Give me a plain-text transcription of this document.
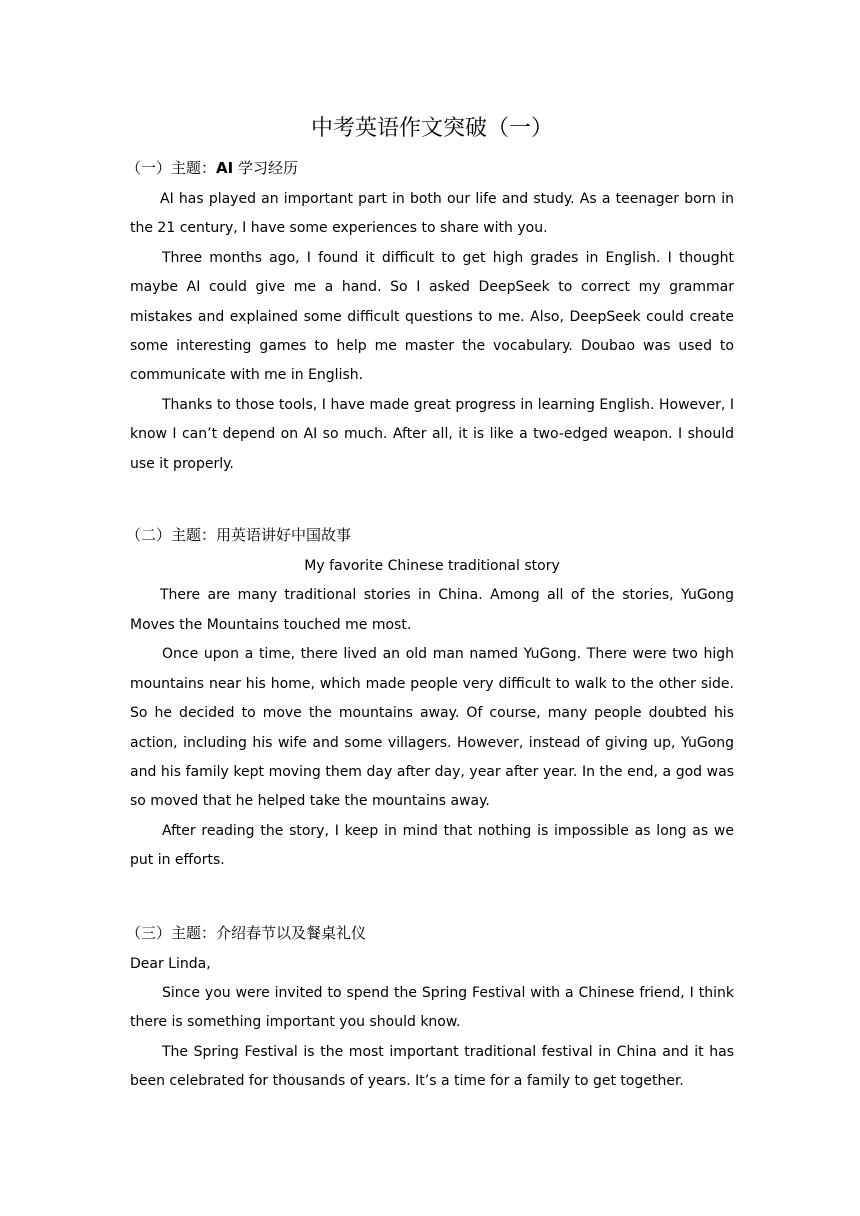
中考英语作文突破（一）
（一）主题：AI 学习经历

AI has played an important part in both our life and study. As a teenager born in the 21 century, I have some experiences to share with you.

Three months ago, I found it difficult to get high grades in English. I thought maybe AI could give me a hand. So I asked DeepSeek to correct my grammar mistakes and explained some difficult questions to me. Also, DeepSeek could create some interesting games to help me master the vocabulary. Doubao was used to communicate with me in English.

Thanks to those tools, I have made great progress in learning English. However, I know I can’t depend on AI so much. After all, it is like a two-edged weapon. I should use it properly.

（二）主题：用英语讲好中国故事

My favorite Chinese traditional story

There are many traditional stories in China. Among all of the stories, YuGong Moves the Mountains touched me most.

Once upon a time, there lived an old man named YuGong. There were two high mountains near his home, which made people very difficult to walk to the other side. So he decided to move the mountains away. Of course, many people doubted his action, including his wife and some villagers. However, instead of giving up, YuGong and his family kept moving them day after day, year after year. In the end, a god was so moved that he helped take the mountains away.

After reading the story, I keep in mind that nothing is impossible as long as we put in efforts.

（三）主题：介绍春节以及餐桌礼仪

Dear Linda,

Since you were invited to spend the Spring Festival with a Chinese friend, I think there is something important you should know.

The Spring Festival is the most important traditional festival in China and it has been celebrated for thousands of years. It’s a time for a family to get together.
